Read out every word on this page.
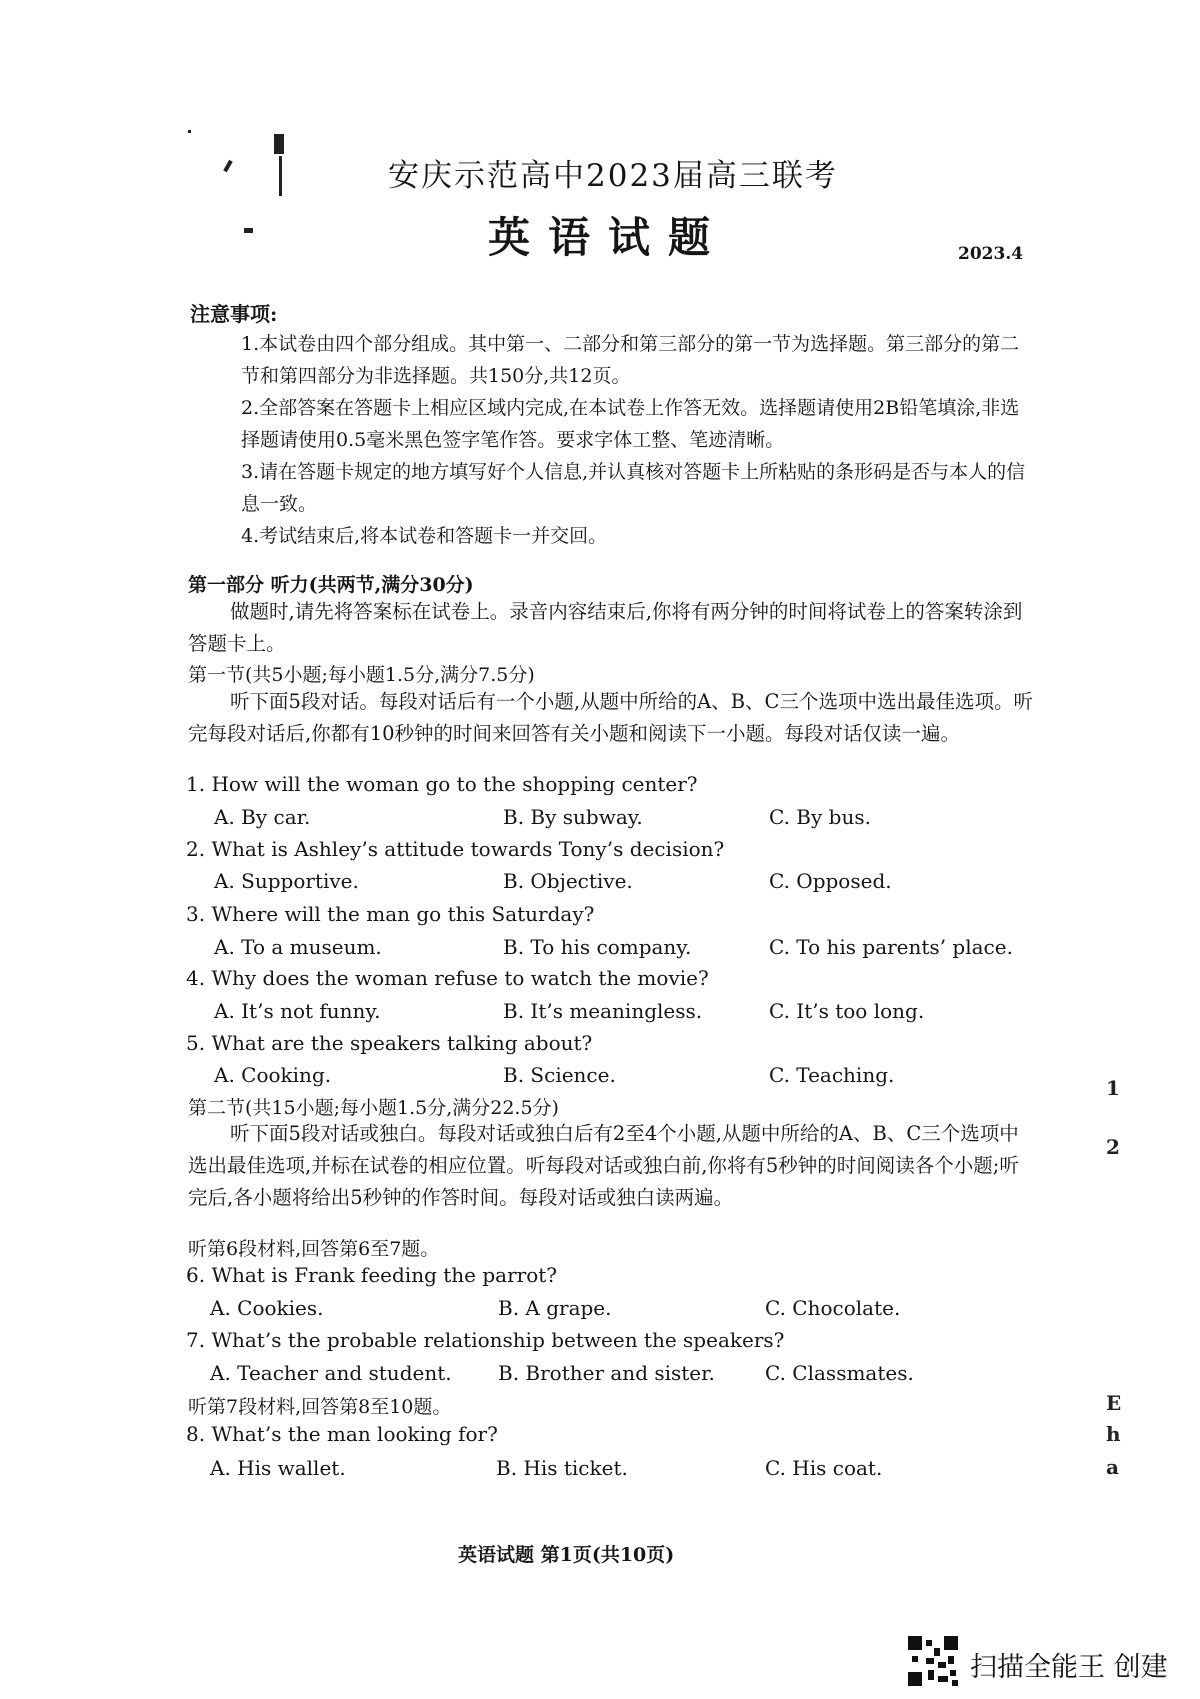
安庆示范高中2023届高三联考
英语试题	2023.4
注意事项:
1.本试卷由四个部分组成。其中第一、二部分和第三部分的第一节为选择题。第三部分的第二节和第四部分为非选择题。共150分,共12页。
2.全部答案在答题卡上相应区域内完成,在本试卷上作答无效。选择题请使用2B铅笔填涂,非选择题请使用0.5毫米黑色签字笔作答。要求字体工整、笔迹清晰。
3.请在答题卡规定的地方填写好个人信息,并认真核对答题卡上所粘贴的条形码是否与本人的信息一致。
4.考试结束后,将本试卷和答题卡一并交回。
第一部分 听力(共两节,满分30分)
做题时,请先将答案标在试卷上。录音内容结束后,你将有两分钟的时间将试卷上的答案转涂到答题卡上。
第一节(共5小题;每小题1.5分,满分7.5分)
听下面5段对话。每段对话后有一个小题,从题中所给的A、B、C三个选项中选出最佳选项。听完每段对话后,你都有10秒钟的时间来回答有关小题和阅读下一小题。每段对话仅读一遍。
1. How will the woman go to the shopping center?
A. By car.	B. By subway.	C. By bus.
2. What is Ashley’s attitude towards Tony’s decision?
A. Supportive.	B. Objective.	C. Opposed.
3. Where will the man go this Saturday?
A. To a museum.	B. To his company.	C. To his parents’ place.
4. Why does the woman refuse to watch the movie?
A. It’s not funny.	B. It’s meaningless.	C. It’s too long.
5. What are the speakers talking about?
A. Cooking.	B. Science.	C. Teaching.
第二节(共15小题;每小题1.5分,满分22.5分)
听下面5段对话或独白。每段对话或独白后有2至4个小题,从题中所给的A、B、C三个选项中选出最佳选项,并标在试卷的相应位置。听每段对话或独白前,你将有5秒钟的时间阅读各个小题;听完后,各小题将给出5秒钟的作答时间。每段对话或独白读两遍。
听第6段材料,回答第6至7题。
6. What is Frank feeding the parrot?
A. Cookies.	B. A grape.	C. Chocolate.
7. What’s the probable relationship between the speakers?
A. Teacher and student. B. Brother and sister.	C. Classmates.
听第7段材料,回答第8至10题。
8. What’s the man looking for?
A. His wallet.	B. His ticket.	C. His coat.
1
2
E
h
a
英语试题 第1页(共10页)
扫描全能王 创建
